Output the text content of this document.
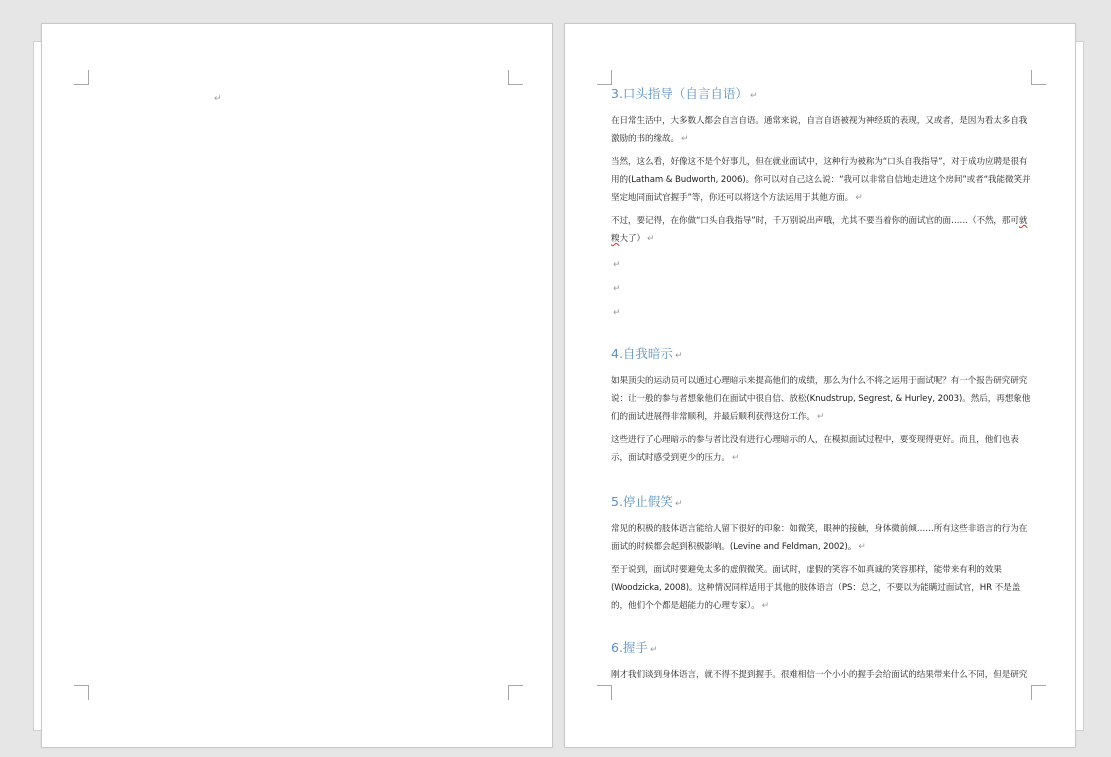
↵	3.口头指导（自言自语） ↵

在日常生活中，大多数人都会自言自语。通常来说，自言自语被视为神经质的表现，又或者，是因为看太多自我激励的书的缘故。 ↵

当然，这么看，好像这不是个好事儿，但在就业面试中，这种行为被称为“口头自我指导”，对于成功应聘是很有用的(Latham & Budworth, 2006)。你可以对自己这么说：“我可以非常自信地走进这个房间”或者“我能微笑并坚定地同面试官握手”等，你还可以将这个方法运用于其他方面。 ↵

不过，要记得，在你做“口头自我指导”时，千万别说出声哦，尤其不要当着你的面试官的面……（不然，那可就糗大了） ↵

↵
↵
↵
4.自我暗示 ↵

如果顶尖的运动员可以通过心理暗示来提高他们的成绩，那么为什么不将之运用于面试呢？有一个报告研究研究说：让一般的参与者想象他们在面试中很自信、放松(Knudstrup, Segrest, & Hurley, 2003)。然后，再想象他们的面试进展得非常顺利，并最后顺利获得这份工作。 ↵

这些进行了心理暗示的参与者比没有进行心理暗示的人，在模拟面试过程中，要变现得更好。而且，他们也表示，面试时感受到更少的压力。 ↵

5.停止假笑 ↵

常见的积极的肢体语言能给人留下很好的印象：如微笑，眼神的接触，身体微前倾……所有这些非语言的行为在面试的时候都会起到积极影响。(Levine and Feldman, 2002)。 ↵

至于说到，面试时要避免太多的虚假微笑。面试时，虚假的笑容不如真诚的笑容那样，能带来有利的效果(Woodzicka, 2008)。这种情况同样适用于其他的肢体语言（PS：总之，不要以为能瞒过面试官，HR 不是盖的，他们个个都是超能力的心理专家）。 ↵

6.握手 ↵

刚才我们谈到身体语言，就不得不提到握手。很难相信一个小小的握手会给面试的结果带来什么不同，但是研究
